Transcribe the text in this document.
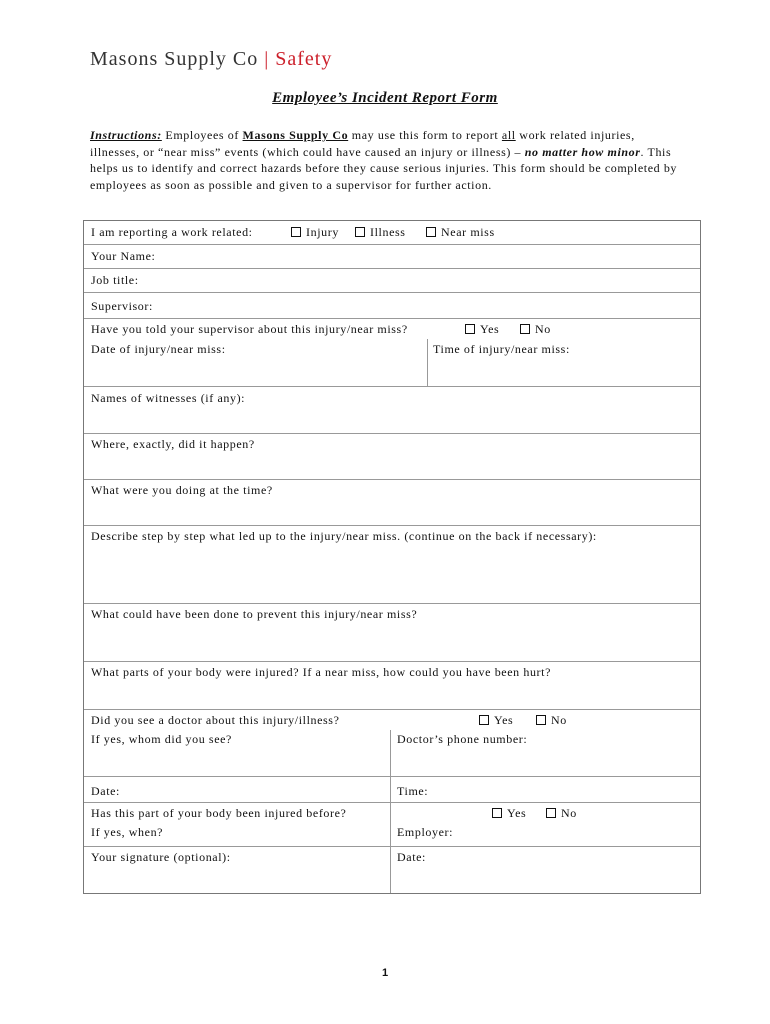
Masons Supply Co | Safety
Employee’s Incident Report Form
Instructions: Employees of Masons Supply Co may use this form to report all work related injuries, illnesses, or “near miss” events (which could have caused an injury or illness) – no matter how minor. This helps us to identify and correct hazards before they cause serious injuries. This form should be completed by employees as soon as possible and given to a supervisor for further action.
I am reporting a work related:	Injury	Illness	Near miss
Your Name:
Job title:
Supervisor:
Have you told your supervisor about this injury/near miss?	Yes	No
Date of injury/near miss:	Time of injury/near miss:
Names of witnesses (if any):
Where, exactly, did it happen?
What were you doing at the time?
Describe step by step what led up to the injury/near miss. (continue on the back if necessary):
What could have been done to prevent this injury/near miss?
What parts of your body were injured? If a near miss, how could you have been hurt?
Did you see a doctor about this injury/illness?	Yes	No
If yes, whom did you see?	Doctor’s phone number:
Date:	Time:
Has this part of your body been injured before?	Yes	No
If yes, when?	Employer:
Your signature (optional):	Date:
1
